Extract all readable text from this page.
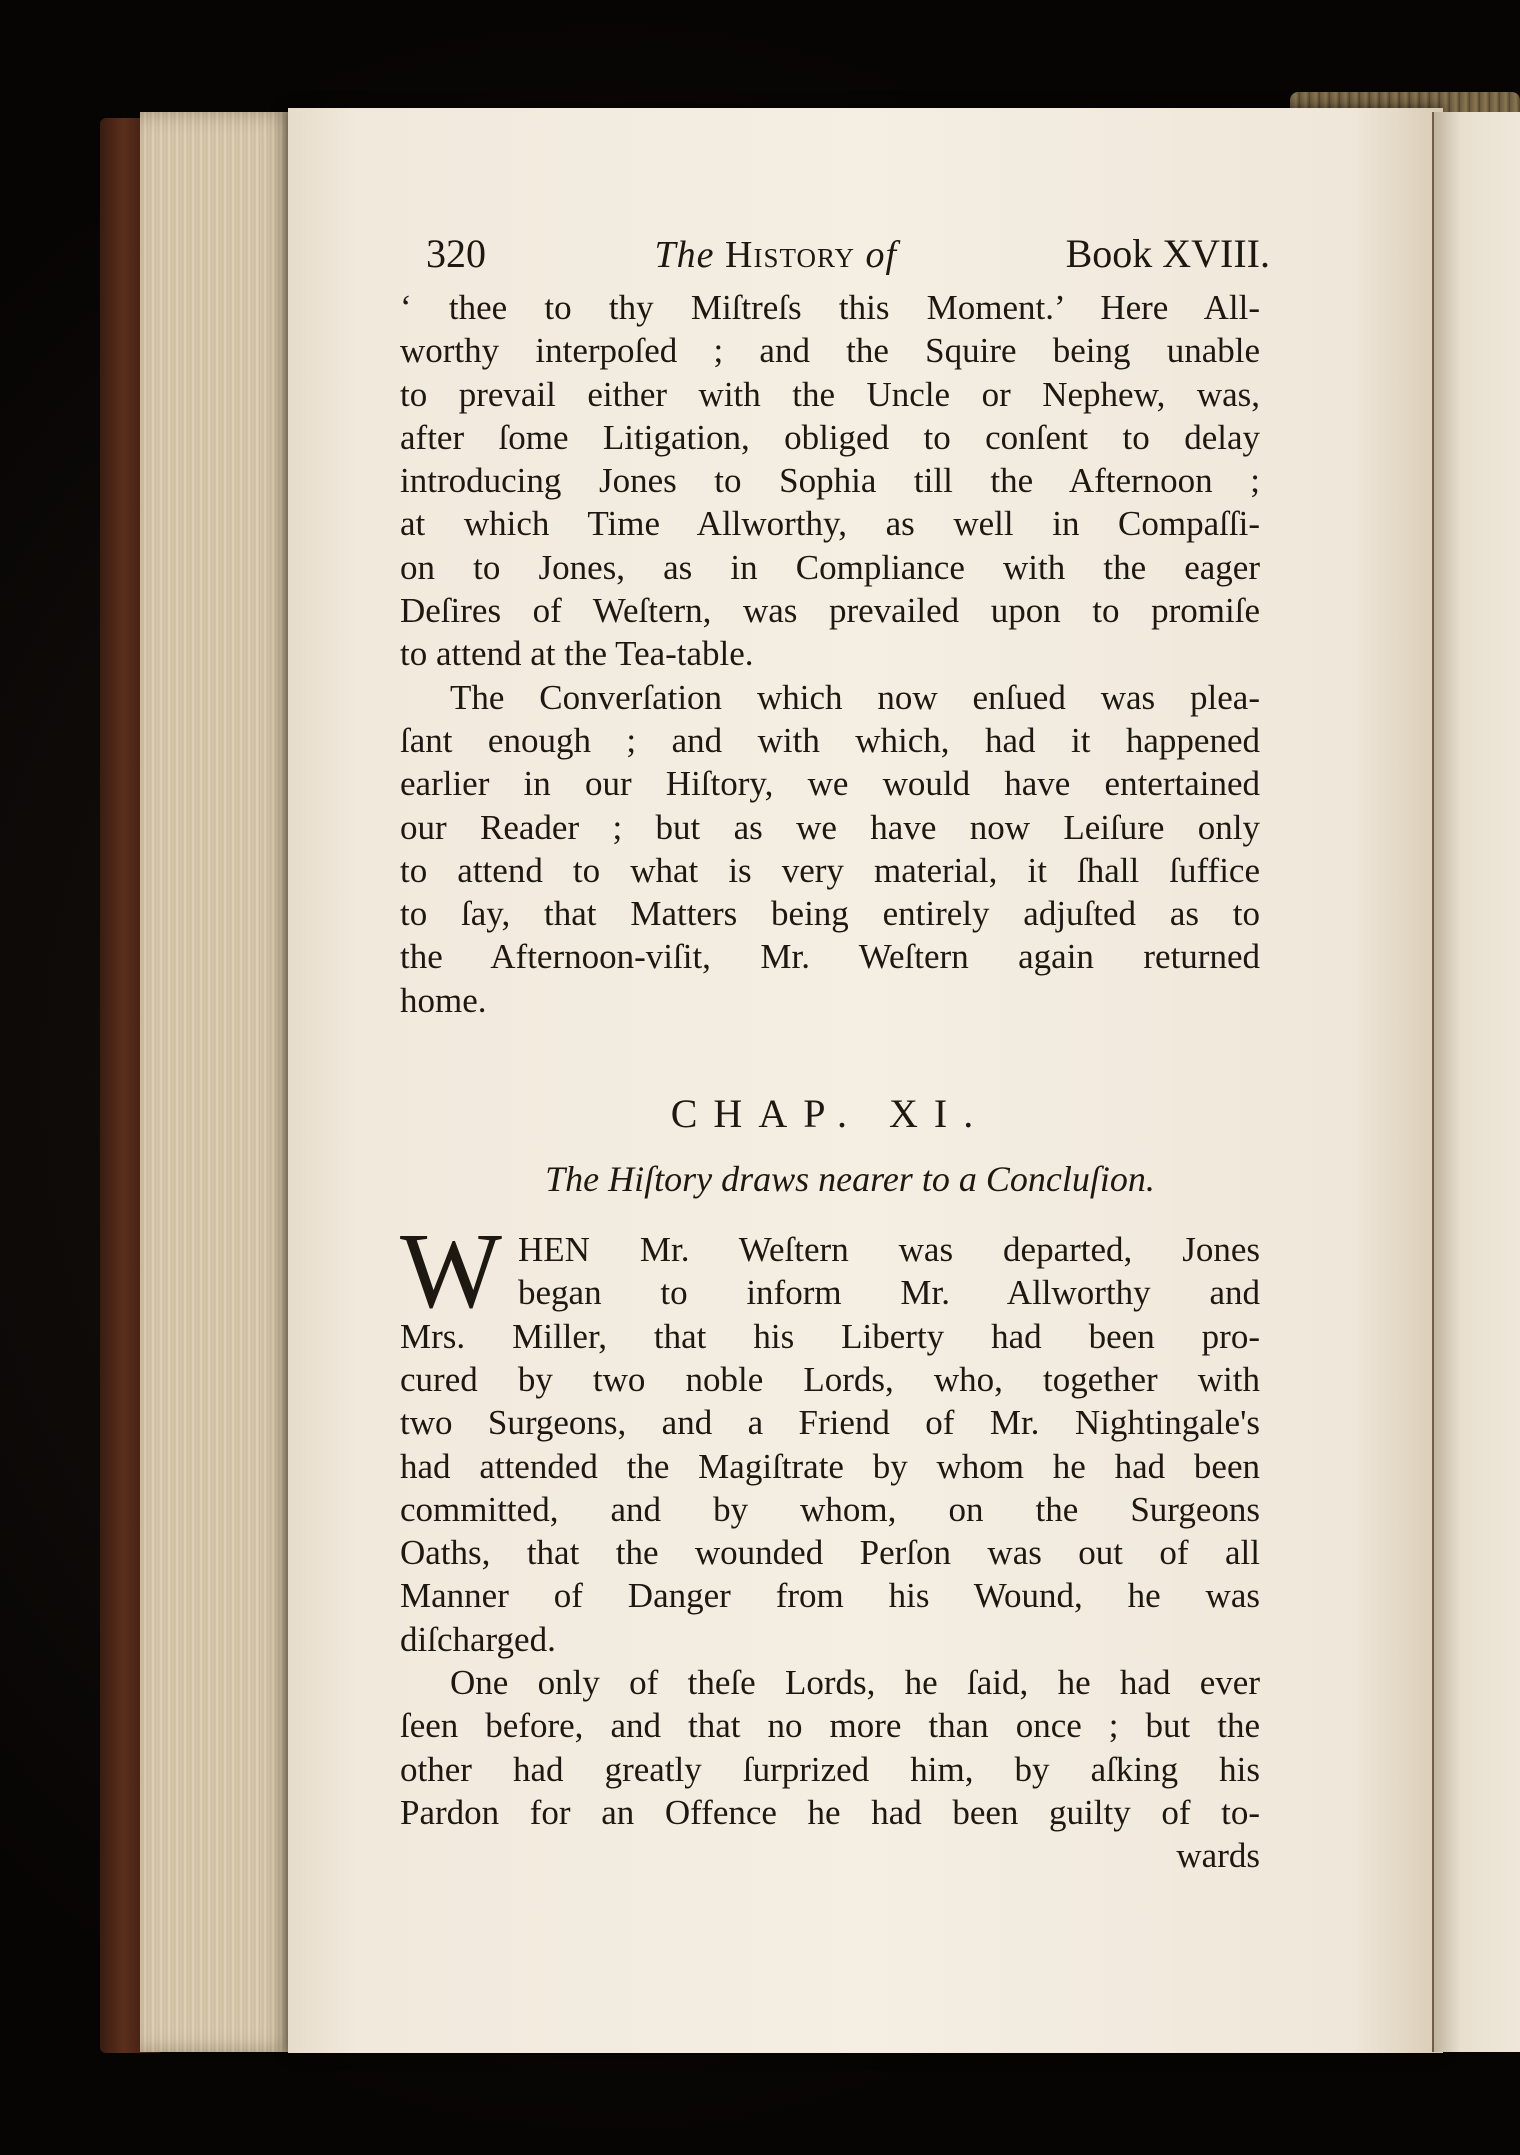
320	The History of	Book XVIII.
‘ thee to thy Miſtreſs this Moment.’ Here All-
worthy interpoſed ; and the Squire being unable
to prevail either with the Uncle or Nephew, was,
after ſome Litigation, obliged to conſent to delay
introducing Jones to Sophia till the Afternoon ;
at which Time Allworthy, as well in Compaſſi-
on to Jones, as in Compliance with the eager
Deſires of Weſtern, was prevailed upon to promiſe
to attend at the Tea-table.
The Converſation which now enſued was plea-
ſant enough ; and with which, had it happened
earlier in our Hiſtory, we would have entertained
our Reader ; but as we have now Leiſure only
to attend to what is very material, it ſhall ſuffice
to ſay, that Matters being entirely adjuſted as to
the Afternoon-viſit, Mr. Weſtern again returned
home.
CHAP. XI.
The Hiſtory draws nearer to a Concluſion.
W HEN Mr. Weſtern was departed, Jones
began to inform Mr. Allworthy and
Mrs. Miller, that his Liberty had been pro-
cured by two noble Lords, who, together with
two Surgeons, and a Friend of Mr. Nightingale's
had attended the Magiſtrate by whom he had been
committed, and by whom, on the Surgeons
Oaths, that the wounded Perſon was out of all
Manner of Danger from his Wound, he was
diſcharged.
One only of theſe Lords, he ſaid, he had ever
ſeen before, and that no more than once ; but the
other had greatly ſurprized him, by aſking his
Pardon for an Offence he had been guilty of to-
wards
